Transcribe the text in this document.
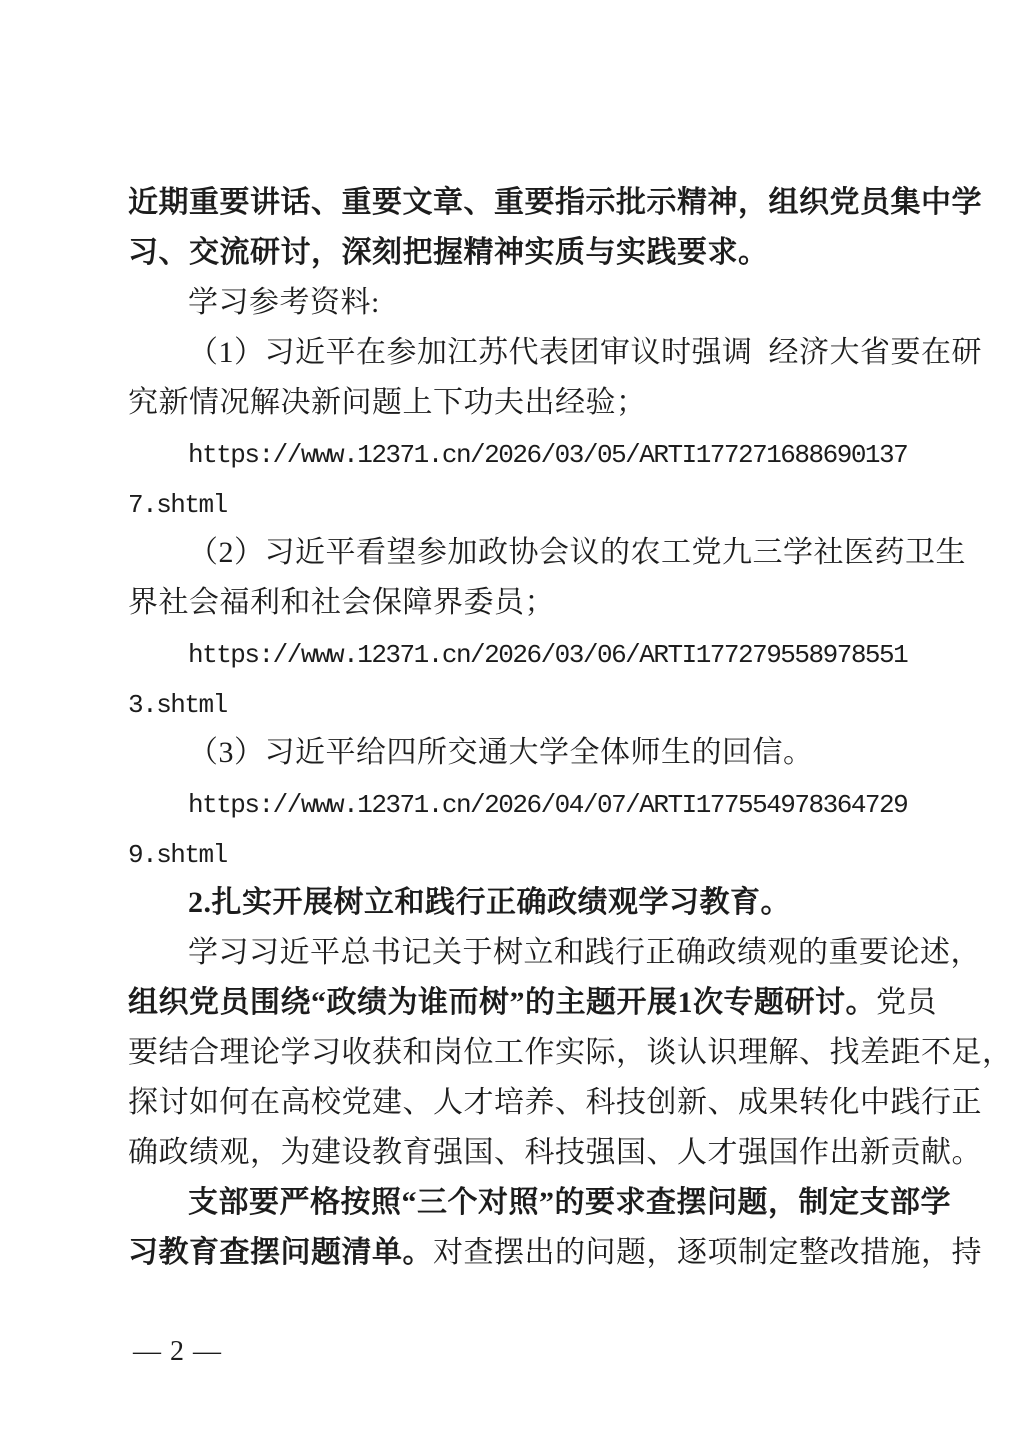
近期重要讲话、重要文章、重要指示批示精神，组织党员集中学
习、交流研讨，深刻把握精神实质与实践要求。
学习参考资料:
（1）习近平在参加江苏代表团审议时强调  经济大省要在研
究新情况解决新问题上下功夫出经验；
https://www.12371.cn/2026/03/05/ARTI177271688690137
7.shtml
（2）习近平看望参加政协会议的农工党九三学社医药卫生
界社会福利和社会保障界委员；
https://www.12371.cn/2026/03/06/ARTI177279558978551
3.shtml
（3）习近平给四所交通大学全体师生的回信。
https://www.12371.cn/2026/04/07/ARTI177554978364729
9.shtml
2.扎实开展树立和践行正确政绩观学习教育。
学习习近平总书记关于树立和践行正确政绩观的重要论述，
组织党员围绕“政绩为谁而树”的主题开展1次专题研讨。党员
要结合理论学习收获和岗位工作实际，谈认识理解、找差距不足，
探讨如何在高校党建、人才培养、科技创新、成果转化中践行正
确政绩观，为建设教育强国、科技强国、人才强国作出新贡献。
支部要严格按照“三个对照”的要求查摆问题，制定支部学
习教育查摆问题清单。对查摆出的问题，逐项制定整改措施，持
— 2 —
